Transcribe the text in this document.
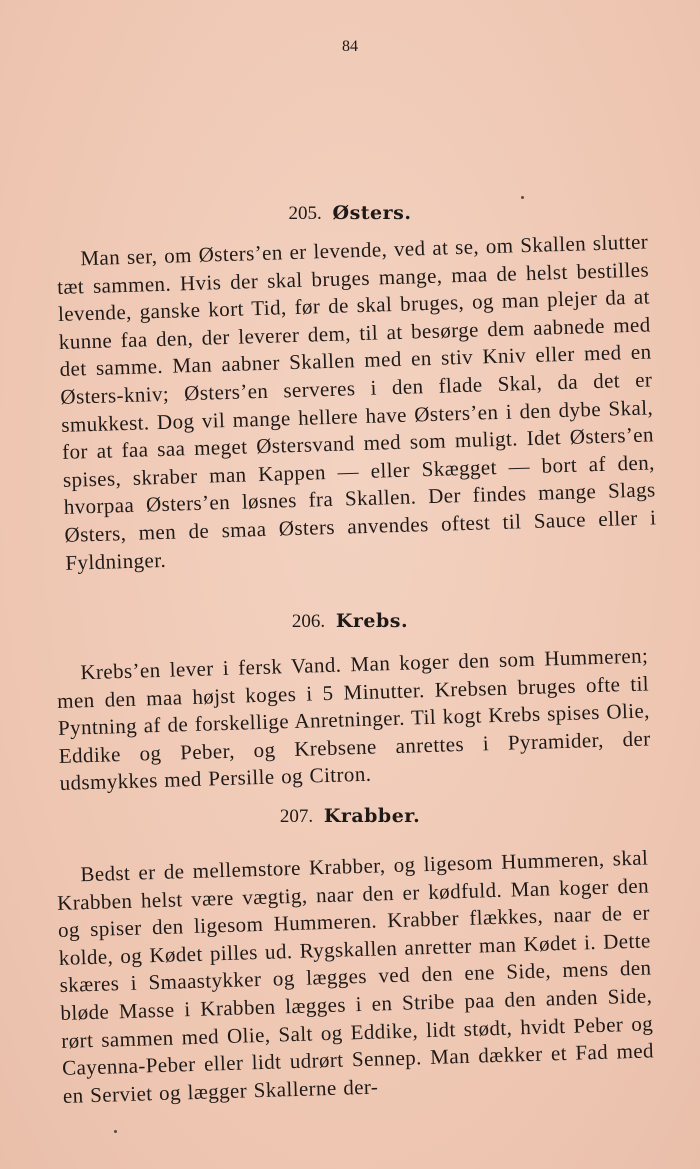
84
205. Østers.

Man ser, om Østers’en er levende, ved at se, om Skallen slutter tæt sammen. Hvis der skal bruges mange, maa de helst bestilles levende, ganske kort Tid, før de skal bruges, og man plejer da at kunne faa den, der leverer dem, til at besørge dem aabnede med det samme. Man aabner Skallen med en stiv Kniv eller med en Østers-kniv; Østers’en serveres i den flade Skal, da det er smukkest. Dog vil mange hellere have Østers’en i den dybe Skal, for at faa saa meget Østersvand med som muligt. Idet Østers’en spises, skraber man Kappen — eller Skægget — bort af den, hvorpaa Østers’en løsnes fra Skallen. Der findes mange Slags Østers, men de smaa Østers anvendes oftest til Sauce eller i Fyldninger.

206. Krebs.

Krebs’en lever i fersk Vand. Man koger den som Hummeren; men den maa højst koges i 5 Minutter. Krebsen bruges ofte til Pyntning af de forskellige Anretninger. Til kogt Krebs spises Olie, Eddike og Peber, og Krebsene anrettes i Pyramider, der udsmykkes med Persille og Citron.

207. Krabber.

Bedst er de mellemstore Krabber, og ligesom Hummeren, skal Krabben helst være vægtig, naar den er kødfuld. Man koger den og spiser den ligesom Hummeren. Krabber flækkes, naar de er kolde, og Kødet pilles ud. Rygskallen anretter man Kødet i. Dette skæres i Smaastykker og lægges ved den ene Side, mens den bløde Masse i Krabben lægges i en Stribe paa den anden Side, rørt sammen med Olie, Salt og Eddike, lidt stødt, hvidt Peber og Cayenna-Peber eller lidt udrørt Sennep. Man dækker et Fad med en Serviet og lægger Skallerne der-
